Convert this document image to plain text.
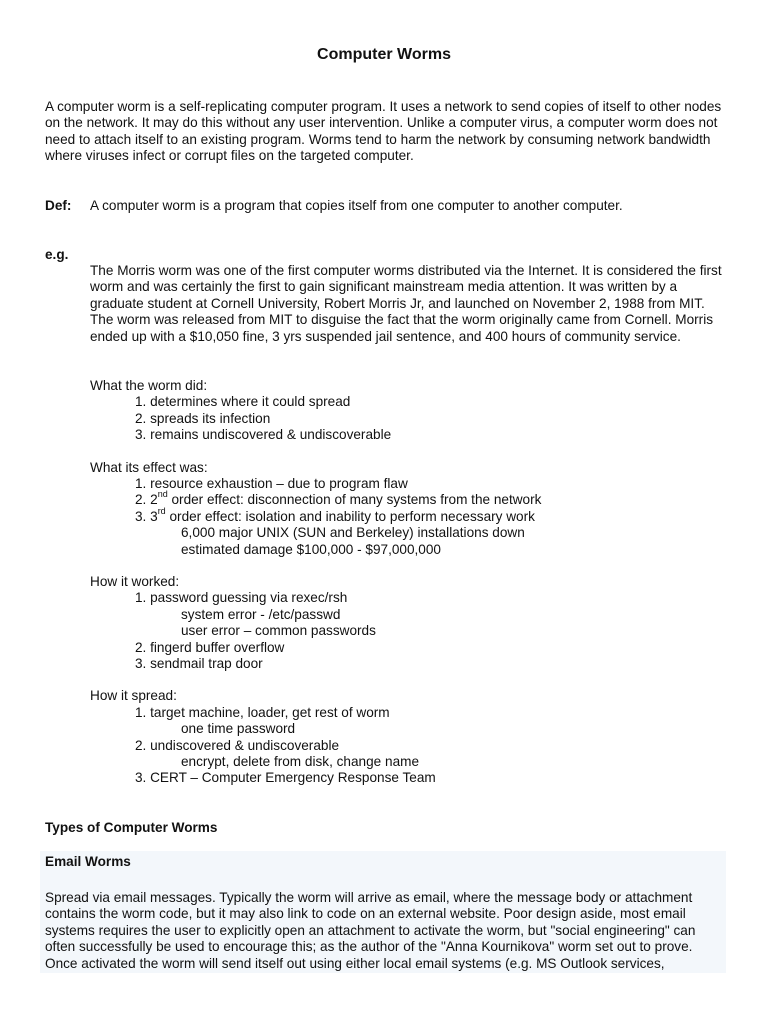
Computer Worms
A computer worm is a self-replicating computer program. It uses a network to send copies of itself to other nodes on the network. It may do this without any user intervention. Unlike a computer virus, a computer worm does not need to attach itself to an existing program. Worms tend to harm the network by consuming network bandwidth where viruses infect or corrupt files on the targeted computer.
Def: A computer worm is a program that copies itself from one computer to another computer.
e.g.
The Morris worm was one of the first computer worms distributed via the Internet. It is considered the first worm and was certainly the first to gain significant mainstream media attention. It was written by a graduate student at Cornell University, Robert Morris Jr, and launched on November 2, 1988 from MIT. The worm was released from MIT to disguise the fact that the worm originally came from Cornell. Morris ended up with a $10,050 fine, 3 yrs suspended jail sentence, and 400 hours of community service.
What the worm did:
1. determines where it could spread
2. spreads its infection
3. remains undiscovered & undiscoverable
What its effect was:
1. resource exhaustion – due to program flaw
2. 2nd order effect: disconnection of many systems from the network
3. 3rd order effect: isolation and inability to perform necessary work
6,000 major UNIX (SUN and Berkeley) installations down
estimated damage $100,000 - $97,000,000
How it worked:
1. password guessing via rexec/rsh
system error - /etc/passwd
user error – common passwords
2. fingerd buffer overflow
3. sendmail trap door
How it spread:
1. target machine, loader, get rest of worm
one time password
2. undiscovered & undiscoverable
encrypt, delete from disk, change name
3. CERT – Computer Emergency Response Team
Types of Computer Worms
Email Worms
Spread via email messages. Typically the worm will arrive as email, where the message body or attachment contains the worm code, but it may also link to code on an external website. Poor design aside, most email systems requires the user to explicitly open an attachment to activate the worm, but "social engineering" can often successfully be used to encourage this; as the author of the "Anna Kournikova" worm set out to prove. Once activated the worm will send itself out using either local email systems (e.g. MS Outlook services,
